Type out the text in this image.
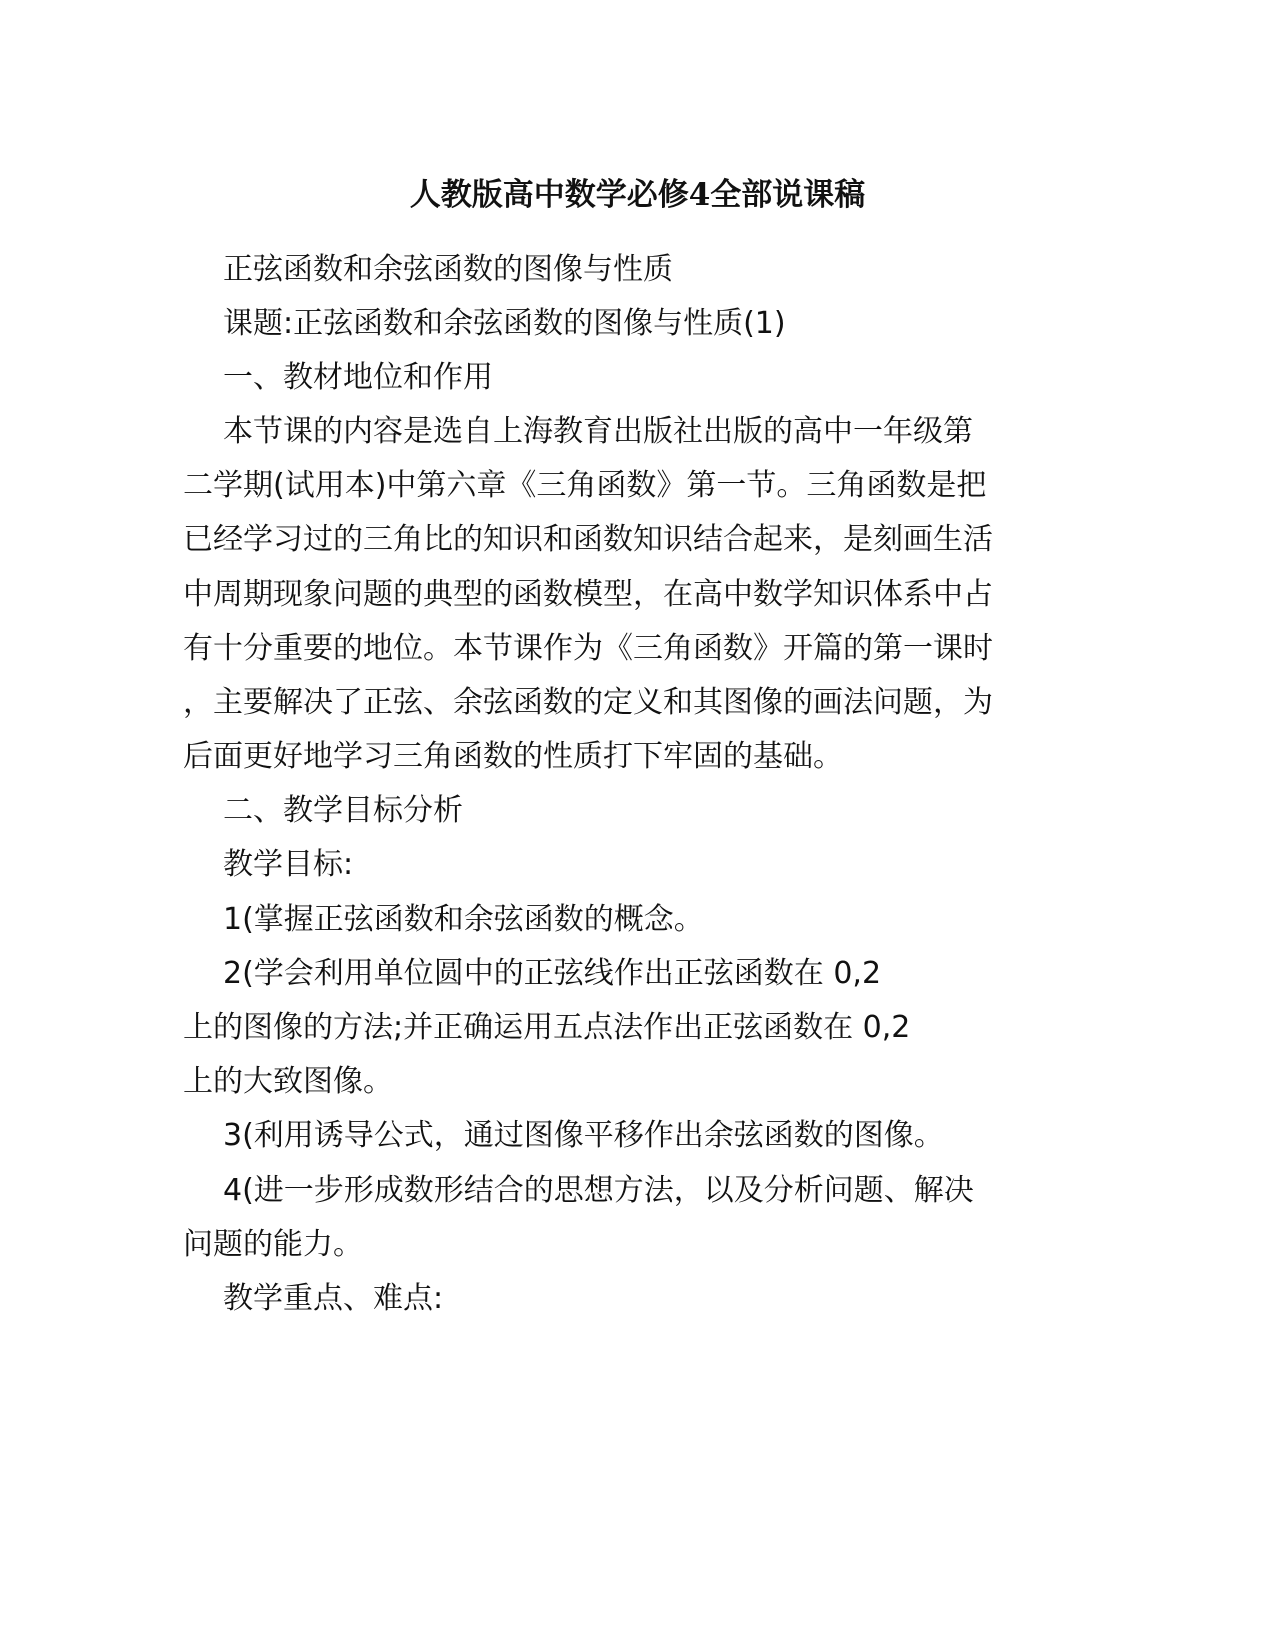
人教版高中数学必修4全部说课稿
正弦函数和余弦函数的图像与性质
课题:正弦函数和余弦函数的图像与性质(1)
一、教材地位和作用
本节课的内容是选自上海教育出版社出版的高中一年级第
二学期(试用本)中第六章《三角函数》第一节。三角函数是把
已经学习过的三角比的知识和函数知识结合起来，是刻画生活
中周期现象问题的典型的函数模型，在高中数学知识体系中占
有十分重要的地位。本节课作为《三角函数》开篇的第一课时
，主要解决了正弦、余弦函数的定义和其图像的画法问题，为
后面更好地学习三角函数的性质打下牢固的基础。
二、教学目标分析
教学目标:
1(掌握正弦函数和余弦函数的概念。
2(学会利用单位圆中的正弦线作出正弦函数在 0,2
上的图像的方法;并正确运用五点法作出正弦函数在 0,2
上的大致图像。
3(利用诱导公式，通过图像平移作出余弦函数的图像。
4(进一步形成数形结合的思想方法，以及分析问题、解决
问题的能力。
教学重点、难点:
